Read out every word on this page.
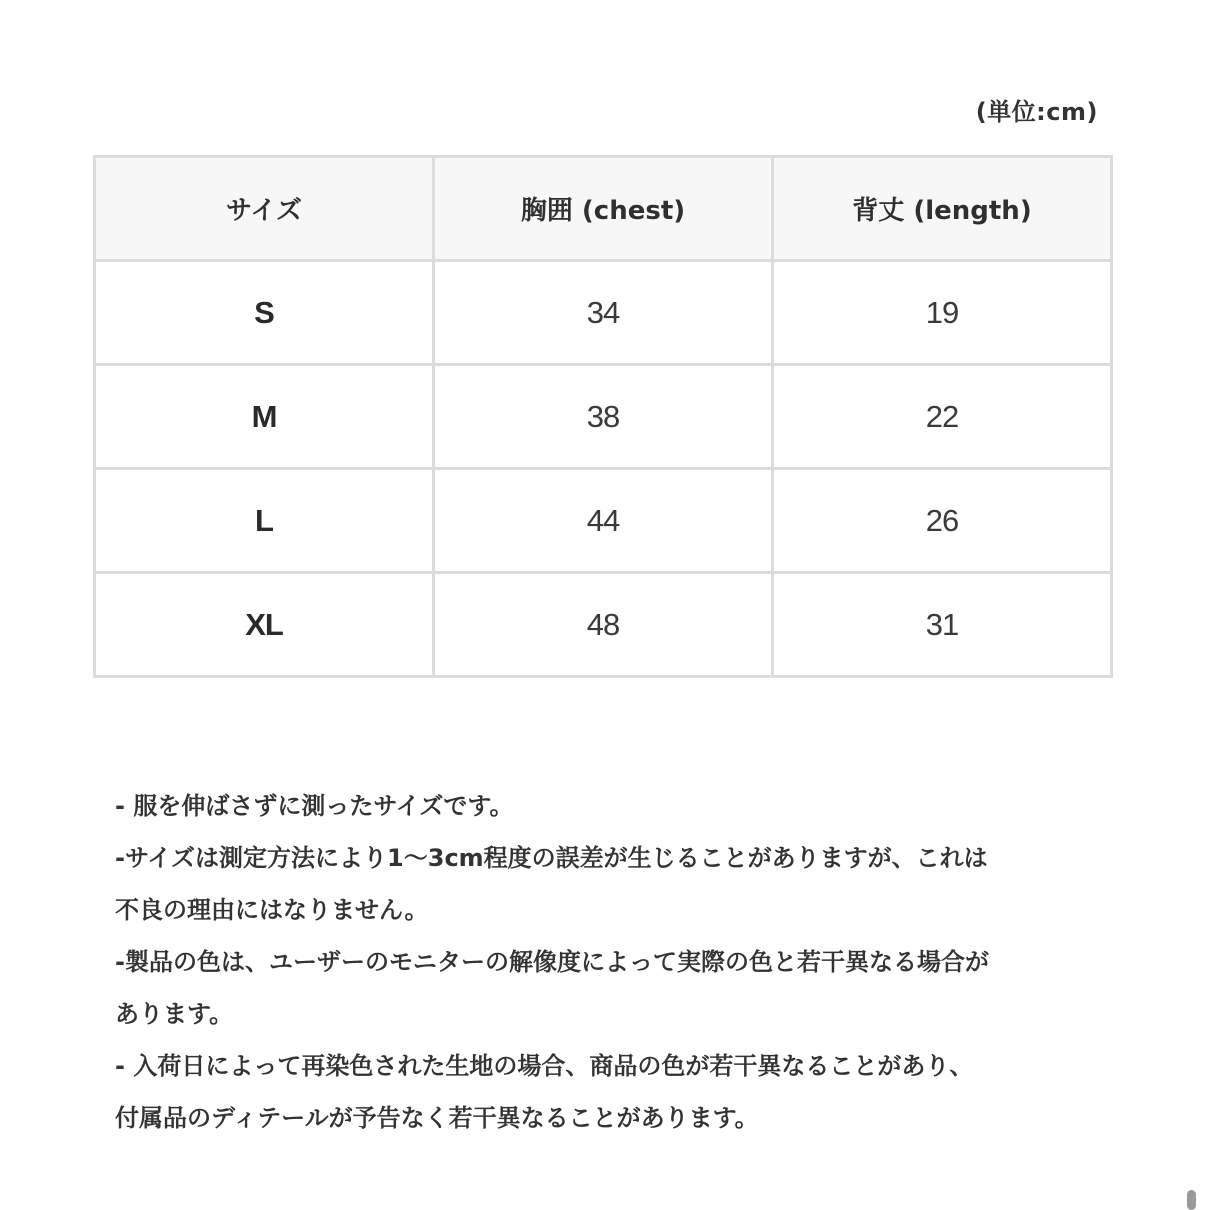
(単位:cm)
サイズ	胸囲 (chest)	背丈 (length)
S	34	19
M	38	22
L	44	26
XL	48	31

- 服を伸ばさずに測ったサイズです。

-サイズは測定方法により1〜3cm程度の誤差が生じることがありますが、これは

不良の理由にはなりません。

-製品の色は、ユーザーのモニターの解像度によって実際の色と若干異なる場合が

あります。

- 入荷日によって再染色された生地の場合、商品の色が若干異なることがあり、

付属品のディテールが予告なく若干異なることがあります。
